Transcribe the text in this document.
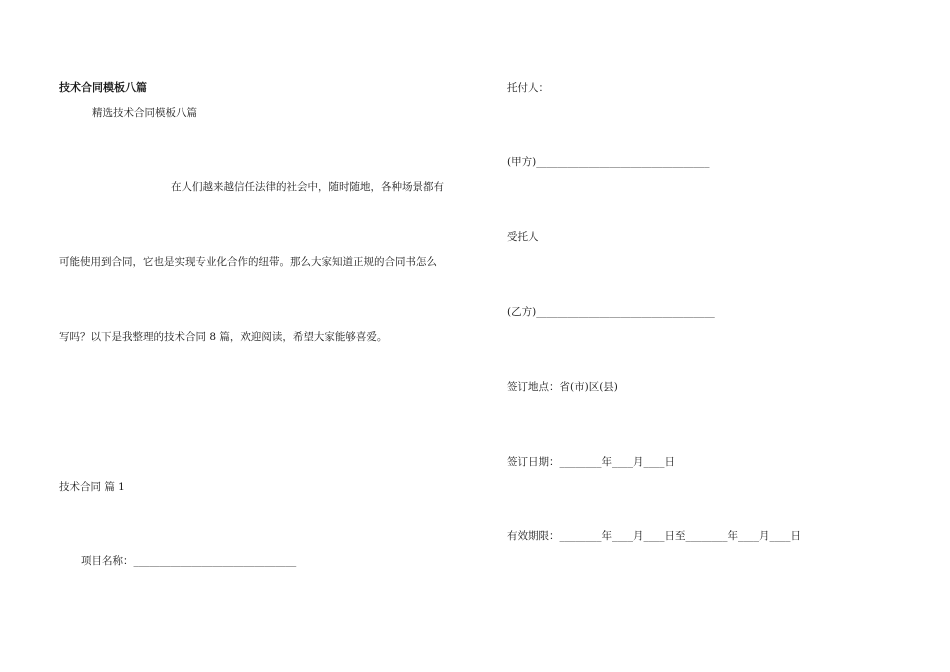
技术合同模板八篇
精选技术合同模板八篇
在人们越来越信任法律的社会中，随时随地，各种场景都有
可能使用到合同，它也是实现专业化合作的纽带。那么大家知道正规的合同书怎么
写吗？以下是我整理的技术合同 8 篇，欢迎阅读，希望大家能够喜爱。
技术合同 篇 1
项目名称：_______________________________
托付人：
(甲方)_________________________________
受托人
(乙方)__________________________________
签订地点：省(市)区(县)
签订日期：________年____月____日
有效期限：________年____月____日至________年____月____日
